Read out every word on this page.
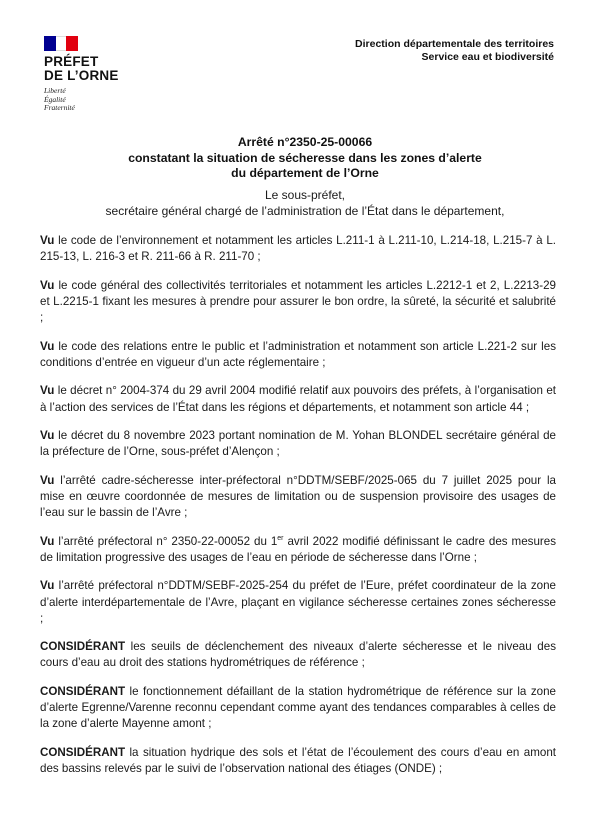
PRÉFET
DE L’ORNE
Liberté
Égalité
Fraternité
Direction départementale des territoires
Service eau et biodiversité
Arrêté n°2350-25-00066
constatant la situation de sécheresse dans les zones d’alerte
du département de l’Orne
Le sous-préfet,
secrétaire général chargé de l’administration de l’État dans le département,

Vu le code de l’environnement et notamment les articles L.211-1 à L.211-10, L.214-18, L.215-7 à L. 215-13, L. 216-3 et R. 211-66 à R. 211-70 ;

Vu le code général des collectivités territoriales et notamment les articles L.2212-1 et 2, L.2213-29 et L.2215-1 fixant les mesures à prendre pour assurer le bon ordre, la sûreté, la sécurité et salubrité ;

Vu le code des relations entre le public et l’administration et notamment son article L.221-2 sur les conditions d’entrée en vigueur d’un acte réglementaire ;

Vu le décret n° 2004-374 du 29 avril 2004 modifié relatif aux pouvoirs des préfets, à l’organisation et à l’action des services de l’État dans les régions et départements, et notamment son article 44 ;

Vu le décret du 8 novembre 2023 portant nomination de M. Yohan BLONDEL secrétaire général de la préfecture de l’Orne, sous-préfet d’Alençon ;

Vu l’arrêté cadre-sécheresse inter-préfectoral n°DDTM/SEBF/2025-065 du 7 juillet 2025 pour la mise en œuvre coordonnée de mesures de limitation ou de suspension provisoire des usages de l’eau sur le bassin de l’Avre ;

Vu l’arrêté préfectoral n° 2350-22-00052 du 1er avril 2022 modifié définissant le cadre des mesures de limitation progressive des usages de l’eau en période de sécheresse dans l’Orne ;

Vu l’arrêté préfectoral n°DDTM/SEBF-2025-254 du préfet de l’Eure, préfet coordinateur de la zone d’alerte interdépartementale de l’Avre, plaçant en vigilance sécheresse certaines zones sécheresse ;

CONSIDÉRANT les seuils de déclenchement des niveaux d’alerte sécheresse et le niveau des cours d’eau au droit des stations hydrométriques de référence ;

CONSIDÉRANT le fonctionnement défaillant de la station hydrométrique de référence sur la zone d’alerte Egrenne/Varenne reconnu cependant comme ayant des tendances comparables à celles de la zone d’alerte Mayenne amont ;

CONSIDÉRANT la situation hydrique des sols et l’état de l’écoulement des cours d’eau en amont des bassins relevés par le suivi de l’observation national des étiages (ONDE) ;
